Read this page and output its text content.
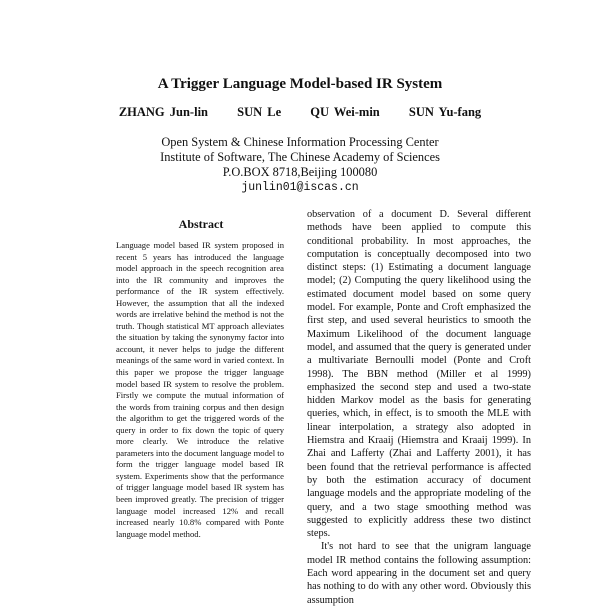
A Trigger Language Model-based IR System
ZHANG Jun-lin SUN Le QU Wei-min SUN Yu-fang
Open System & Chinese Information Processing Center
Institute of Software, The Chinese Academy of Sciences
P.O.BOX 8718,Beijing 100080
junlin01@iscas.cn
Abstract

Language model based IR system proposed in recent 5 years has introduced the language model approach in the speech recognition area into the IR community and improves the performance of the IR system effectively. However, the assumption that all the indexed words are irrelative behind the method is not the truth. Though statistical MT approach alleviates the situation by taking the synonymy factor into account, it never helps to judge the different meanings of the same word in varied context. In this paper we propose the trigger language model based IR system to resolve the problem. Firstly we compute the mutual information of the words from training corpus and then design the algorithm to get the triggered words of the query in order to fix down the topic of query more clearly. We introduce the relative parameters into the document language model to form the trigger language model based IR system. Experiments show that the performance of trigger language model based IR system has been improved greatly. The precision of trigger language model increased 12% and recall increased nearly 10.8% compared with Ponte language model method.

observation of a document D. Several different methods have been applied to compute this conditional probability. In most approaches, the computation is conceptually decomposed into two distinct steps: (1) Estimating a document language model; (2) Computing the query likelihood using the estimated document model based on some query model. For example, Ponte and Croft emphasized the first step, and used several heuristics to smooth the Maximum Likelihood of the document language model, and assumed that the query is generated under a multivariate Bernoulli model (Ponte and Croft 1998). The BBN method (Miller et al 1999) emphasized the second step and used a two-state hidden Markov model as the basis for generating queries, which, in effect, is to smooth the MLE with linear interpolation, a strategy also adopted in Hiemstra and Kraaij (Hiemstra and Kraaij 1999). In Zhai and Lafferty (Zhai and Lafferty 2001), it has been found that the retrieval performance is affected by both the estimation accuracy of document language models and the appropriate modeling of the query, and a two stage smoothing method was suggested to explicitly address these two distinct steps.

It's not hard to see that the unigram language model IR method contains the following assumption: Each word appearing in the document set and query has nothing to do with any other word. Obviously this assumption
